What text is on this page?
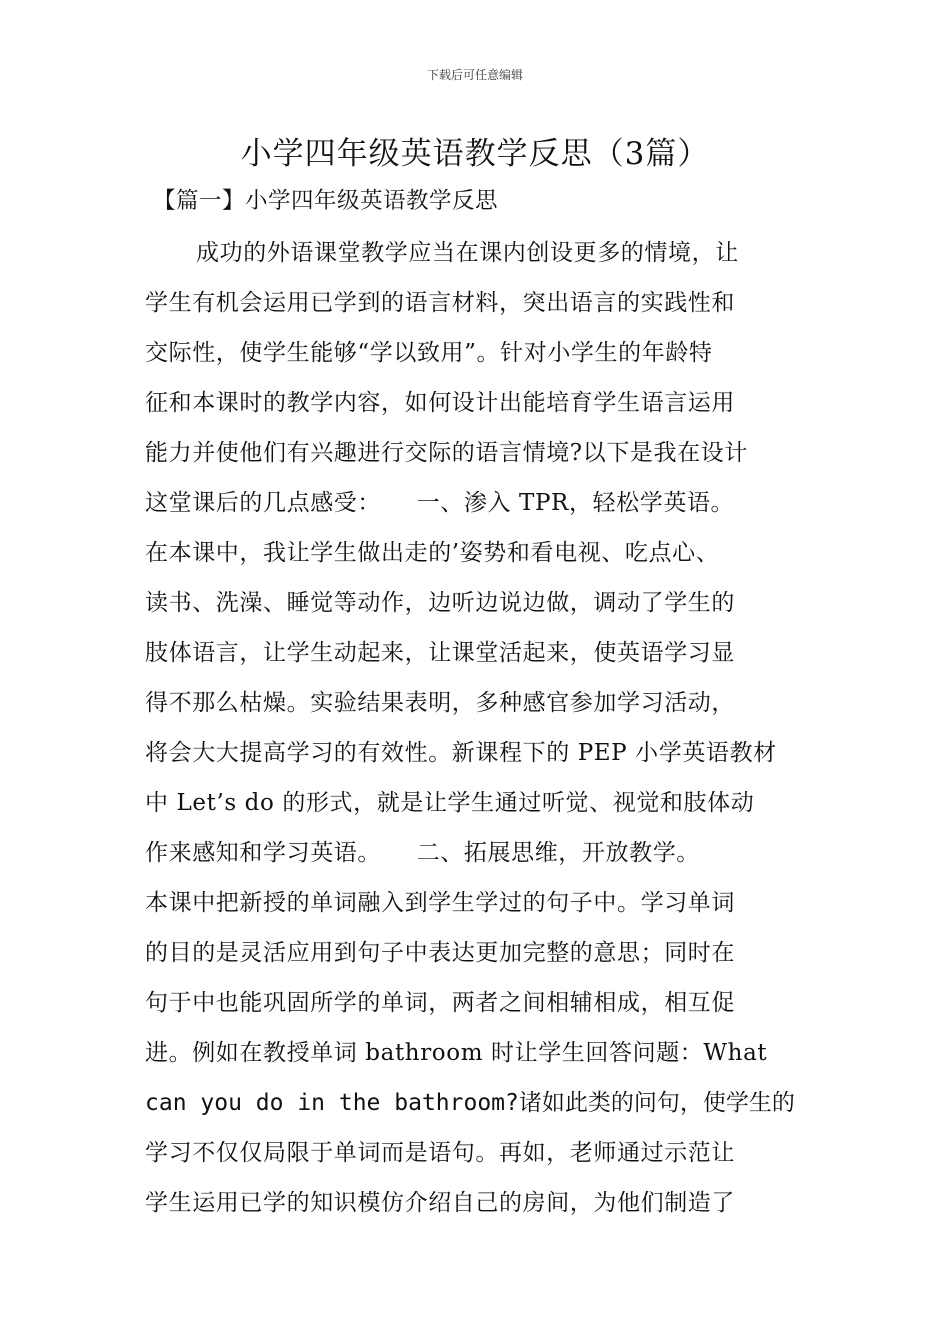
下载后可任意编辑
小学四年级英语教学反思（3篇）
【篇一】小学四年级英语教学反思
成功的外语课堂教学应当在课内创设更多的情境，让
学生有机会运用已学到的语言材料，突出语言的实践性和
交际性，使学生能够“学以致用”。针对小学生的年龄特
征和本课时的教学内容，如何设计出能培育学生语言运用
能力并使他们有兴趣进行交际的语言情境?以下是我在设计
这堂课后的几点感受：　　一、渗入 TPR，轻松学英语。
在本课中，我让学生做出走的’姿势和看电视、吃点心、
读书、洗澡、睡觉等动作，边听边说边做，调动了学生的
肢体语言，让学生动起来，让课堂活起来，使英语学习显
得不那么枯燥。实验结果表明，多种感官参加学习活动，
将会大大提高学习的有效性。新课程下的 PEP 小学英语教材
中 Let’s do 的形式，就是让学生通过听觉、视觉和肢体动
作来感知和学习英语。　　二、拓展思维，开放教学。
本课中把新授的单词融入到学生学过的句子中。学习单词
的目的是灵活应用到句子中表达更加完整的意思；同时在
句于中也能巩固所学的单词，两者之间相辅相成，相互促
进。例如在教授单词 bathroom 时让学生回答问题：What
can you do in the bathroom?诸如此类的问句，使学生的
学习不仅仅局限于单词而是语句。再如，老师通过示范让
学生运用已学的知识模仿介绍自己的房间，为他们制造了
